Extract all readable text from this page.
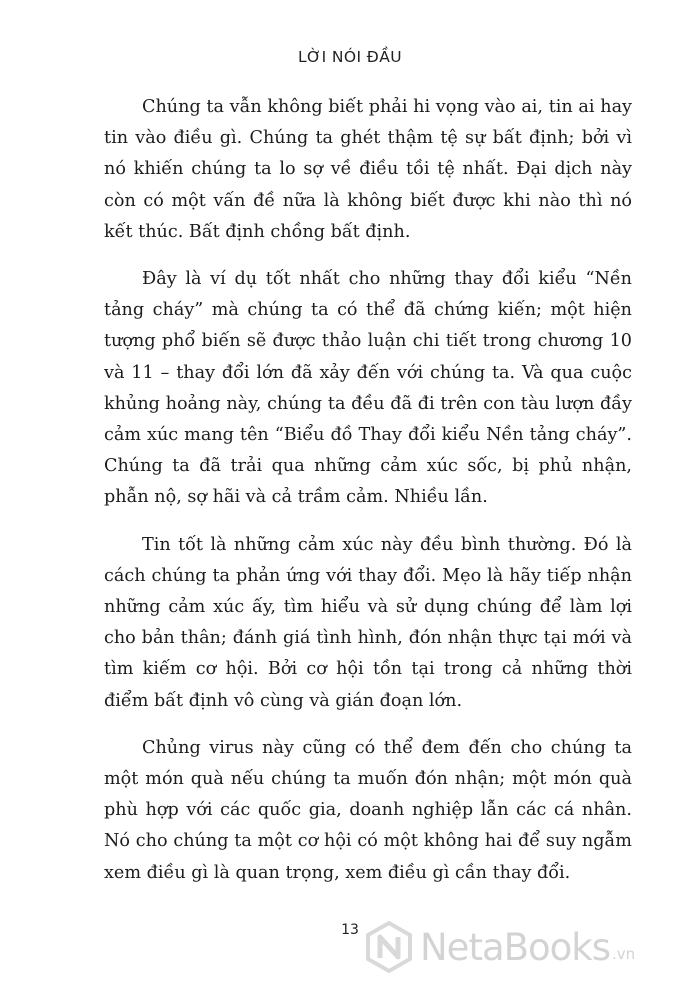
LỜI NÓI ĐẦU

Chúng ta vẫn không biết phải hi vọng vào ai, tin ai hay tin vào điều gì. Chúng ta ghét thậm tệ sự bất định; bởi vì nó khiến chúng ta lo sợ về điều tồi tệ nhất. Đại dịch này còn có một vấn đề nữa là không biết được khi nào thì nó kết thúc. Bất định chồng bất định.

Đây là ví dụ tốt nhất cho những thay đổi kiểu “Nền tảng cháy” mà chúng ta có thể đã chứng kiến; một hiện tượng phổ biến sẽ được thảo luận chi tiết trong chương 10 và 11 – thay đổi lớn đã xảy đến với chúng ta. Và qua cuộc khủng hoảng này, chúng ta đều đã đi trên con tàu lượn đầy cảm xúc mang tên “Biểu đồ Thay đổi kiểu Nền tảng cháy”. Chúng ta đã trải qua những cảm xúc sốc, bị phủ nhận, phẫn nộ, sợ hãi và cả trầm cảm. Nhiều lần.

Tin tốt là những cảm xúc này đều bình thường. Đó là cách chúng ta phản ứng với thay đổi. Mẹo là hãy tiếp nhận những cảm xúc ấy, tìm hiểu và sử dụng chúng để làm lợi cho bản thân; đánh giá tình hình, đón nhận thực tại mới và tìm kiếm cơ hội. Bởi cơ hội tồn tại trong cả những thời điểm bất định vô cùng và gián đoạn lớn.

Chủng virus này cũng có thể đem đến cho chúng ta một món quà nếu chúng ta muốn đón nhận; một món quà phù hợp với các quốc gia, doanh nghiệp lẫn các cá nhân. Nó cho chúng ta một cơ hội có một không hai để suy ngẫm xem điều gì là quan trọng, xem điều gì cần thay đổi.

13	NetaBooks .vn
